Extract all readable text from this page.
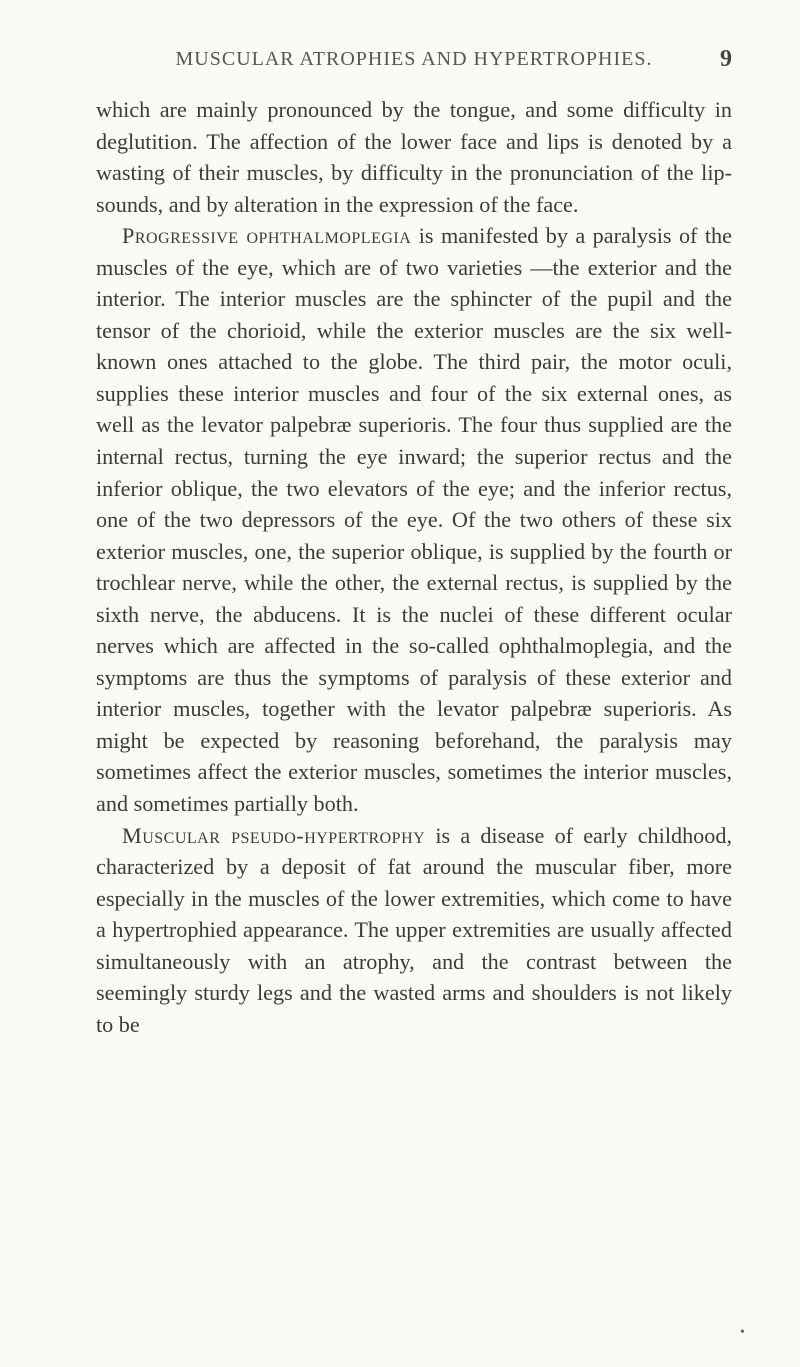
MUSCULAR ATROPHIES AND HYPERTROPHIES.	9

which are mainly pronounced by the tongue, and some difficulty in deglutition. The affection of the lower face and lips is denoted by a wasting of their muscles, by difficulty in the pronunciation of the lip-sounds, and by alteration in the expression of the face.

Progressive ophthalmoplegia is manifested by a paralysis of the muscles of the eye, which are of two varieties —the exterior and the interior. The interior muscles are the sphincter of the pupil and the tensor of the chorioid, while the exterior muscles are the six well-known ones attached to the globe. The third pair, the motor oculi, supplies these interior muscles and four of the six external ones, as well as the levator palpebræ superioris. The four thus supplied are the internal rectus, turning the eye inward; the superior rectus and the inferior oblique, the two elevators of the eye; and the inferior rectus, one of the two depressors of the eye. Of the two others of these six exterior muscles, one, the superior oblique, is supplied by the fourth or trochlear nerve, while the other, the external rectus, is supplied by the sixth nerve, the abducens. It is the nuclei of these different ocular nerves which are affected in the so-called ophthalmoplegia, and the symptoms are thus the symptoms of paralysis of these exterior and interior muscles, together with the levator palpebræ superioris. As might be expected by reasoning beforehand, the paralysis may sometimes affect the exterior muscles, sometimes the interior muscles, and sometimes partially both.

Muscular pseudo-hypertrophy is a disease of early childhood, characterized by a deposit of fat around the muscular fiber, more especially in the muscles of the lower extremities, which come to have a hypertrophied appearance. The upper extremities are usually affected simultaneously with an atrophy, and the contrast between the seemingly sturdy legs and the wasted arms and shoulders is not likely to be

•
